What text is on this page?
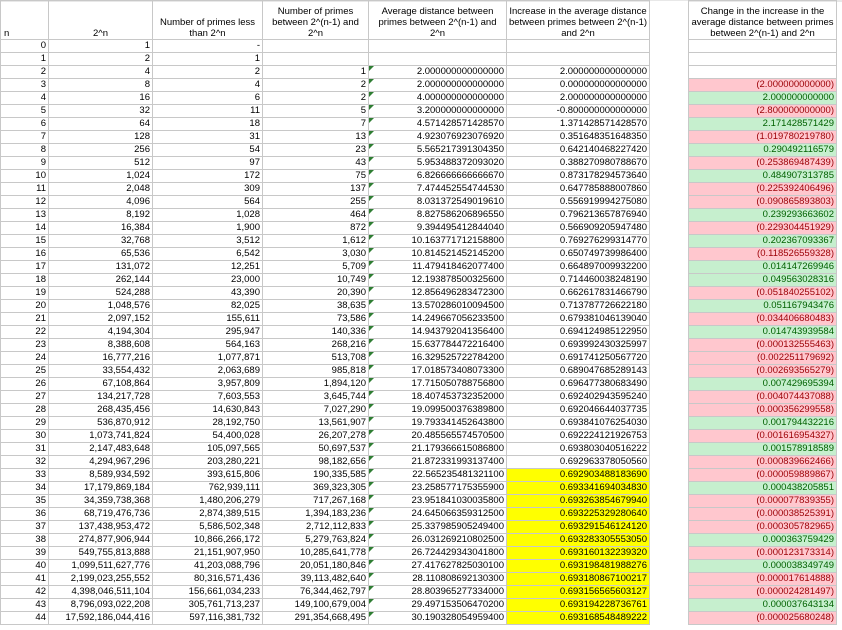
n	2^n	Number of primes less than 2^n	Number of primes between 2^(n-1) and 2^n	Average distance between primes between 2^(n-1) and 2^n	Increase in the average distance between primes between 2^(n-1) and 2^n		Change in the increase in the average distance between primes between 2^(n-1) and 2^n
0	1	-					
1	2	1					
2	4	2	1	2.000000000000000	2.000000000000000		
3	8	4	2	2.000000000000000	0.000000000000000		(2.000000000000)
4	16	6	2	4.000000000000000	2.000000000000000		2.000000000000
5	32	11	5	3.200000000000000	-0.800000000000000		(2.800000000000)
6	64	18	7	4.571428571428570	1.371428571428570		2.171428571429
7	128	31	13	4.923076923076920	0.351648351648350		(1.019780219780)
8	256	54	23	5.565217391304350	0.642140468227420		0.290492116579
9	512	97	43	5.953488372093020	0.388270980788670		(0.253869487439)
10	1,024	172	75	6.826666666666670	0.873178294573640		0.484907313785
11	2,048	309	137	7.474452554744530	0.647785888007860		(0.225392406496)
12	4,096	564	255	8.031372549019610	0.556919994275080		(0.090865893803)
13	8,192	1,028	464	8.827586206896550	0.796213657876940		0.239293663602
14	16,384	1,900	872	9.394495412844040	0.566909205947480		(0.229304451929)
15	32,768	3,512	1,612	10.163771712158800	0.769276299314770		0.202367093367
16	65,536	6,542	3,030	10.814521452145200	0.650749739986400		(0.118526559328)
17	131,072	12,251	5,709	11.479418462077400	0.664897009932200		0.014147269946
18	262,144	23,000	10,749	12.193878500325600	0.714460038248190		0.049563028316
19	524,288	43,390	20,390	12.856496283472300	0.662617831466790		(0.051840255102)
20	1,048,576	82,025	38,635	13.570286010094500	0.713787726622180		0.051167943476
21	2,097,152	155,611	73,586	14.249667056233500	0.679381046139040		(0.034406680483)
22	4,194,304	295,947	140,336	14.943792041356400	0.694124985122950		0.014743939584
23	8,388,608	564,163	268,216	15.637784472216400	0.693992430325997		(0.000132555463)
24	16,777,216	1,077,871	513,708	16.329525722784200	0.691741250567720		(0.002251179692)
25	33,554,432	2,063,689	985,818	17.018573408073300	0.689047685289143		(0.002693565279)
26	67,108,864	3,957,809	1,894,120	17.715050788756800	0.696477380683490		0.007429695394
27	134,217,728	7,603,553	3,645,744	18.407453732352000	0.692402943595240		(0.004074437088)
28	268,435,456	14,630,843	7,027,290	19.099500376389800	0.692046644037735		(0.000356299558)
29	536,870,912	28,192,750	13,561,907	19.793341452643800	0.693841076254030		0.001794432216
30	1,073,741,824	54,400,028	26,207,278	20.485565574570500	0.692224121926753		(0.001616954327)
31	2,147,483,648	105,097,565	50,697,537	21.179366615086800	0.693803040516222		0.001578918589
32	4,294,967,296	203,280,221	98,182,656	21.872331993137400	0.692963378050560		(0.000839662466)
33	8,589,934,592	393,615,806	190,335,585	22.565235481321100	0.692903488183690		(0.000059889867)
34	17,179,869,184	762,939,111	369,323,305	23.258577175355900	0.693341694034830		0.000438205851
35	34,359,738,368	1,480,206,279	717,267,168	23.951841030035800	0.693263854679940		(0.000077839355)
36	68,719,476,736	2,874,389,515	1,394,183,236	24.645066359312500	0.693225329280640		(0.000038525391)
37	137,438,953,472	5,586,502,348	2,712,112,833	25.337985905249400	0.693291546124120		(0.000305782965)
38	274,877,906,944	10,866,266,172	5,279,763,824	26.031269210802500	0.693283305553050		0.000363759429
39	549,755,813,888	21,151,907,950	10,285,641,778	26.724429343041800	0.693160132239320		(0.000123173314)
40	1,099,511,627,776	41,203,088,796	20,051,180,846	27.417627825030100	0.693198481988276		0.000038349749
41	2,199,023,255,552	80,316,571,436	39,113,482,640	28.110808692130300	0.693180867100217		(0.000017614888)
42	4,398,046,511,104	156,661,034,233	76,344,462,797	28.803965277334000	0.693156565603127		(0.000024281497)
43	8,796,093,022,208	305,761,713,237	149,100,679,004	29.497153506470200	0.693194228736761		0.000037643134
44	17,592,186,044,416	597,116,381,732	291,354,668,495	30.190328054959400	0.693168548489222		(0.000025680248)
